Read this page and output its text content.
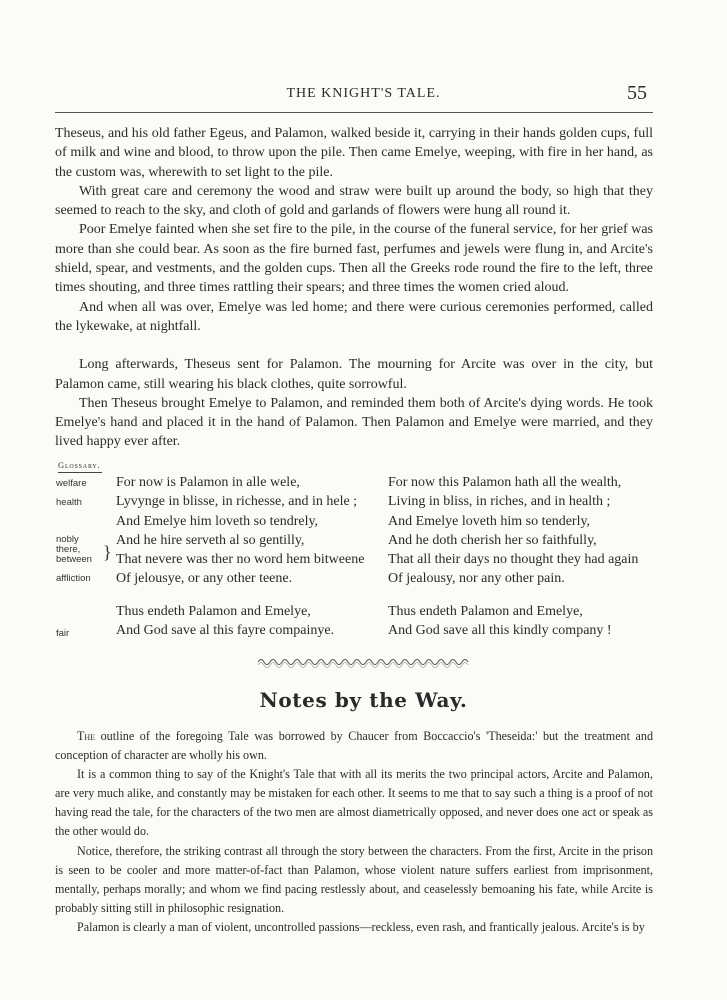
THE KNIGHT'S TALE.	55

Theseus, and his old father Egeus, and Palamon, walked beside it, carrying in their hands golden cups, full of milk and wine and blood, to throw upon the pile. Then came Emelye, weeping, with fire in her hand, as the custom was, wherewith to set light to the pile.

With great care and ceremony the wood and straw were built up around the body, so high that they seemed to reach to the sky, and cloth of gold and garlands of flowers were hung all round it.

Poor Emelye fainted when she set fire to the pile, in the course of the funeral service, for her grief was more than she could bear. As soon as the fire burned fast, perfumes and jewels were flung in, and Arcite's shield, spear, and vestments, and the golden cups. Then all the Greeks rode round the fire to the left, three times shouting, and three times rattling their spears; and three times the women cried aloud.

And when all was over, Emelye was led home; and there were curious ceremonies performed, called the lykewake, at nightfall.

Long afterwards, Theseus sent for Palamon. The mourning for Arcite was over in the city, but Palamon came, still wearing his black clothes, quite sorrowful.

Then Theseus brought Emelye to Palamon, and reminded them both of Arcite's dying words. He took Emelye's hand and placed it in the hand of Palamon. Then Palamon and Emelye were married, and they lived happy ever after.

Glossary.
welfare
health
nobly
there,
between }
affliction
fair
For now is Palamon in alle wele,
Lyvynge in blisse, in richesse, and in hele ;
And Emelye him loveth so tendrely,
And he hire serveth al so gentilly,
That nevere was ther no word hem bitweene
Of jelousye, or any other teene.
For now this Palamon hath all the wealth,
Living in bliss, in riches, and in health ;
And Emelye loveth him so tenderly,
And he doth cherish her so faithfully,
That all their days no thought they had again
Of jealousy, nor any other pain.
Thus endeth Palamon and Emelye,
And God save al this fayre compainye.
Thus endeth Palamon and Emelye,
And God save all this kindly company !
Notes by the Way.

The outline of the foregoing Tale was borrowed by Chaucer from Boccaccio's 'Theseida:' but the treatment and conception of character are wholly his own.

It is a common thing to say of the Knight's Tale that with all its merits the two principal actors, Arcite and Palamon, are very much alike, and constantly may be mistaken for each other. It seems to me that to say such a thing is a proof of not having read the tale, for the characters of the two men are almost diametrically opposed, and never does one act or speak as the other would do.

Notice, therefore, the striking contrast all through the story between the characters. From the first, Arcite in the prison is seen to be cooler and more matter-of-fact than Palamon, whose violent nature suffers earliest from imprisonment, mentally, perhaps morally; and whom we find pacing restlessly about, and ceaselessly bemoaning his fate, while Arcite is probably sitting still in philosophic resignation.

Palamon is clearly a man of violent, uncontrolled passions—reckless, even rash, and frantically jealous. Arcite's is by
